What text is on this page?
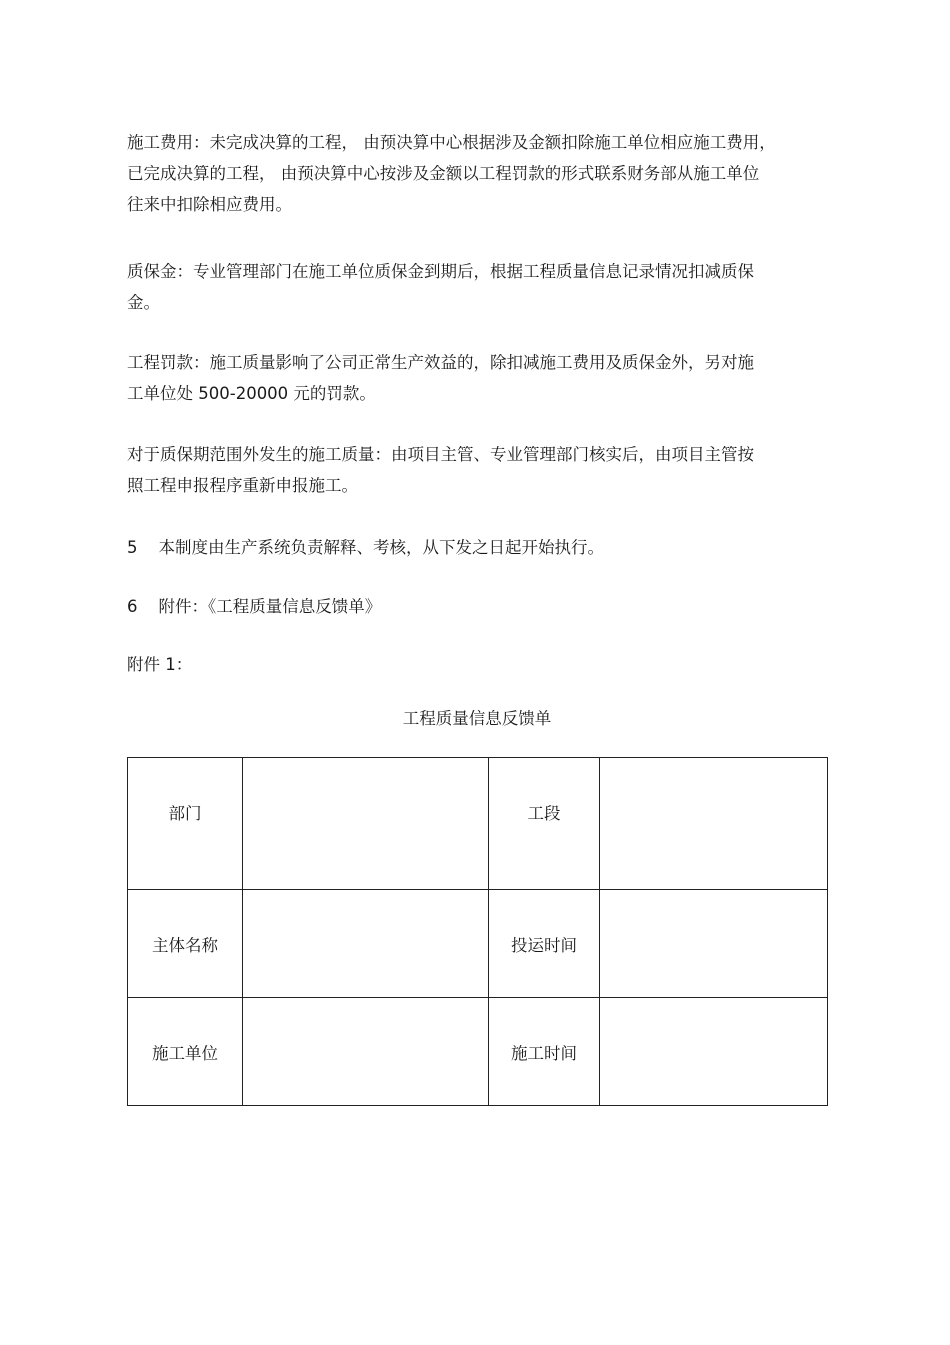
施工费用：未完成决算的工程， 由预决算中心根据涉及金额扣除施工单位相应施工费用，
已完成决算的工程， 由预决算中心按涉及金额以工程罚款的形式联系财务部从施工单位
往来中扣除相应费用。

质保金：专业管理部门在施工单位质保金到期后，根据工程质量信息记录情况扣减质保
金。

工程罚款：施工质量影响了公司正常生产效益的，除扣减施工费用及质保金外，另对施
工单位处 500-20000 元的罚款。

对于质保期范围外发生的施工质量：由项目主管、专业管理部门核实后，由项目主管按
照工程申报程序重新申报施工。

5    本制度由生产系统负责解释、考核，从下发之日起开始执行。

6    附件：《工程质量信息反馈单》

附件 1：

工程质量信息反馈单
部门		工段	
主体名称		投运时间	
施工单位		施工时间	
